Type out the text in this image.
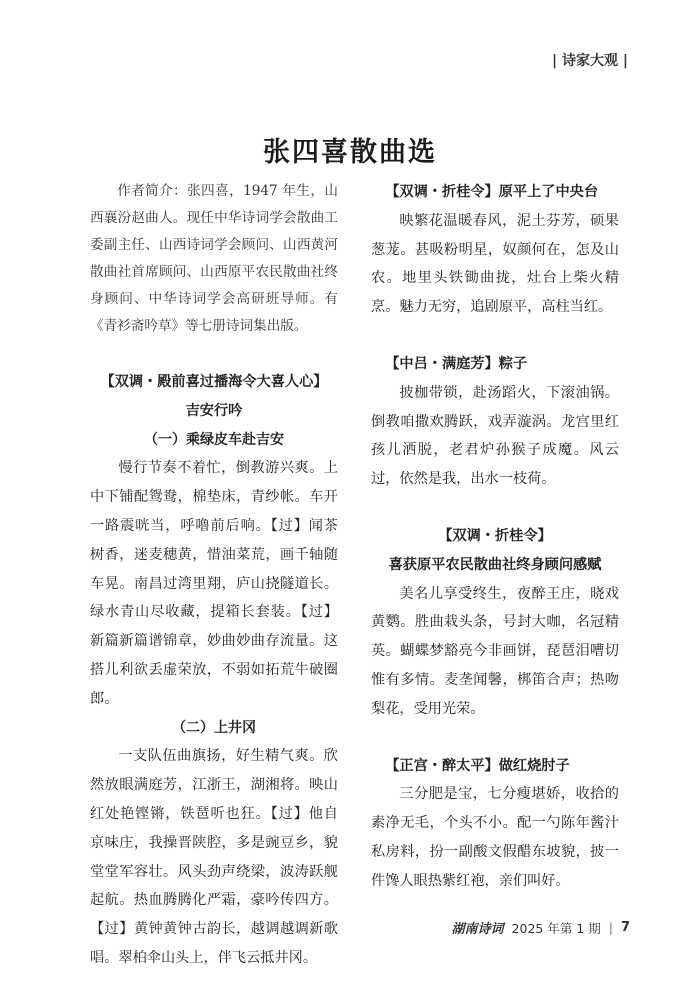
| 诗家大观 |
张四喜散曲选

作者简介：张四喜，1947 年生，山西襄汾赵曲人。现任中华诗词学会散曲工委副主任、山西诗词学会顾问、山西黄河散曲社首席顾问、山西原平农民散曲社终身顾问、中华诗词学会高研班导师。有《青衫斋吟草》等七册诗词集出版。

【双调・殿前喜过播海令大喜人心】

吉安行吟

（一）乘绿皮车赴吉安

慢行节奏不着忙，倒教游兴爽。上中下铺配鸳鸯，棉垫床，青纱帐。车开一路震咣当，呼噜前后响。【过】闻茶树香，迷麦穗黄，惜油菜荒，画千轴随车晃。南昌过湾里翔，庐山挠隧道长。绿水青山尽收藏，提箱长套装。【过】新篇新篇谱锦章，妙曲妙曲存流量。这搭儿利欲丢虚荣放，不弱如拓荒牛破圈郎。

（二）上井冈

一支队伍曲旗扬，好生精气爽。欣然放眼满庭芳，江浙王，湖湘将。映山红处艳铿锵，铁琶听也狂。【过】他自京味庄，我操晋陕腔，多是豌豆乡，貌堂堂军容壮。风头劲声绕梁，波涛跃舰起航。热血腾腾化严霜，豪吟传四方。【过】黄钟黄钟古韵长，越调越调新歌唱。翠柏伞山头上，伴飞云抵井冈。

【双调・折桂令】原平上了中央台

映繁花温暖春风，泥土芬芳，硕果葱茏。甚吸粉明星，奴颜何在，怎及山农。地里头铁锄曲拢，灶台上柴火精烹。魅力无穷，追剧原平，高柱当红。

【中吕・满庭芳】粽子

披枷带锁，赴汤蹈火，下滚油锅。倒教咱撒欢腾跃，戏弄漩涡。龙宫里红孩儿洒脱，老君炉孙猴子成魔。风云过，依然是我，出水一枝荷。

【双调・折桂令】

喜获原平农民散曲社终身顾问感赋

美名儿享受终生，夜醉王庄，晓戏黄鹦。胜曲栽头条，号封大咖，名冠精英。蝴蝶梦豁亮今非画饼，琵琶泪嘈切惟有多情。麦垄闻馨，梆笛合声；热吻梨花，受用光荣。

【正宫・醉太平】做红烧肘子

三分肥是宝，七分瘦堪娇，收拾的素净无毛，个头不小。配一勺陈年酱汁私房料，扮一副酸文假醋东坡貌，披一件馋人眼热紫红袍，亲们叫好。

湖南诗词 2025 年第 1 期 | 7
